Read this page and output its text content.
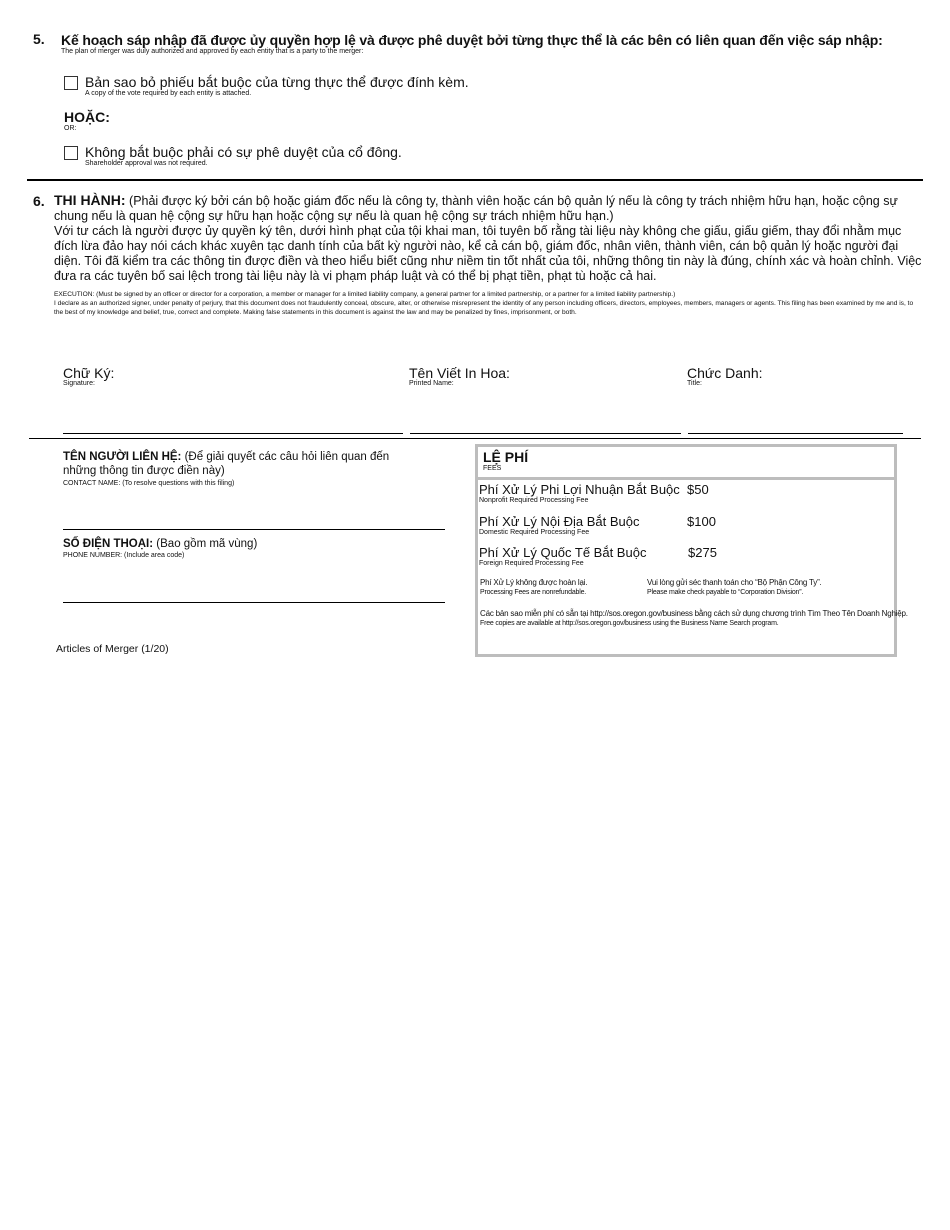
5. Kế hoạch sáp nhập đã được ủy quyền hợp lệ và được phê duyệt bởi từng thực thể là các bên có liên quan đến việc sáp nhập:
The plan of merger was duly authorized and approved by each entity that is a party to the merger:
Bản sao bỏ phiếu bắt buộc của từng thực thể được đính kèm.
A copy of the vote required by each entity is attached.
HOẶC:
OR:
Không bắt buộc phải có sự phê duyệt của cổ đông.
Shareholder approval was not required.
6. THI HÀNH: (Phải được ký bởi cán bộ hoặc giám đốc nếu là công ty, thành viên hoặc cán bộ quản lý nếu là công ty trách nhiệm hữu hạn, hoặc cộng sự chung nếu là quan hệ cộng sự hữu hạn hoặc cộng sự nếu là quan hệ cộng sự trách nhiệm hữu hạn.)
Với tư cách là người được ủy quyền ký tên, dưới hình phạt của tội khai man, tôi tuyên bố rằng tài liệu này không che giấu, giấu giếm, thay đổi nhằm mục đích lừa đảo hay nói cách khác xuyên tạc danh tính của bất kỳ người nào, kể cả cán bộ, giám đốc, nhân viên, thành viên, cán bộ quản lý hoặc người đại diện. Tôi đã kiểm tra các thông tin được điền và theo hiểu biết cũng như niềm tin tốt nhất của tôi, những thông tin này là đúng, chính xác và hoàn chỉnh. Việc đưa ra các tuyên bố sai lệch trong tài liệu này là vi phạm pháp luật và có thể bị phạt tiền, phạt tù hoặc cả hai.
EXECUTION: (Must be signed by an officer or director for a corporation, a member or manager for a limited liability company, a general partner for a limited partnership, or a partner for a limited liability partnership.)
I declare as an authorized signer, under penalty of perjury, that this document does not fraudulently conceal, obscure, alter, or otherwise misrepresent the identity of any person including officers, directors, employees, members, managers or agents. This filing has been examined by me and is, to the best of my knowledge and belief, true, correct and complete. Making false statements in this document is against the law and may be penalized by fines, imprisonment, or both.
Chữ Ký:
Signature:
Tên Viết In Hoa:
Printed Name:
Chức Danh:
Title:
TÊN NGƯỜI LIÊN HỆ: (Để giải quyết các câu hỏi liên quan đến những thông tin được điền này)
CONTACT NAME: (To resolve questions with this filing)
SỐ ĐIỆN THOẠI: (Bao gồm mã vùng)
PHONE NUMBER: (Include area code)
Articles of Merger (1/20)
LỆ PHÍ
FEES
Phí Xử Lý Phi Lợi Nhuận Bắt Buộc
Nonprofit Required Processing Fee
$50
Phí Xử Lý Nội Địa Bắt Buộc
Domestic Required Processing Fee
$100
Phí Xử Lý Quốc Tế Bắt Buộc
Foreign Required Processing Fee
$275
Phí Xử Lý không được hoàn lại.
Processing Fees are nonrefundable.
Vui lòng gửi séc thanh toán cho “Bộ Phận Công Ty”.
Please make check payable to “Corporation Division”.
Các bản sao miễn phí có sẵn tại http://sos.oregon.gov/business bằng cách sử dụng chương trình Tìm Theo Tên Doanh Nghiệp.
Free copies are available at http://sos.oregon.gov/business using the Business Name Search program.
